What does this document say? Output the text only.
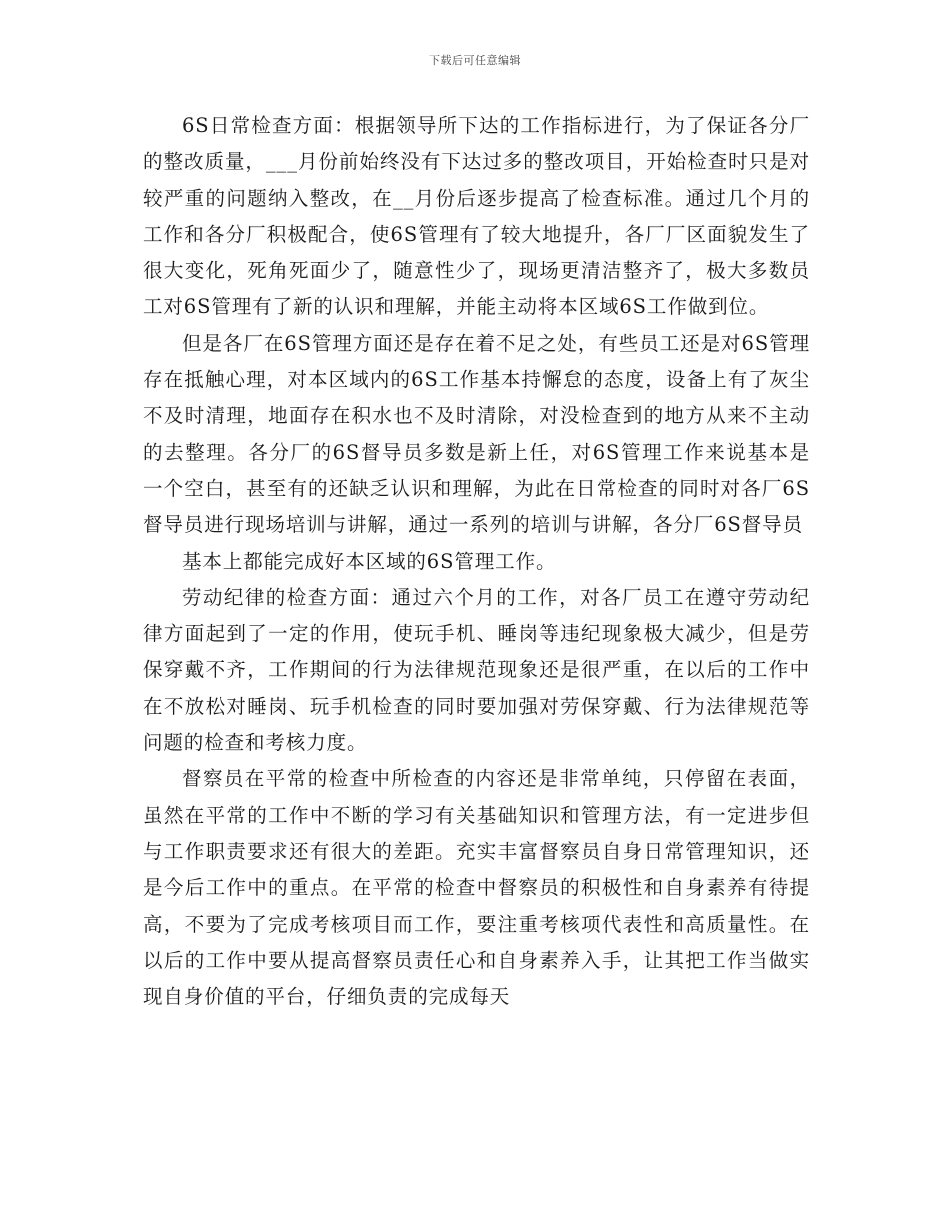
下载后可任意编辑

6S日常检查方面：根据领导所下达的工作指标进行，为了保证各分厂的整改质量，___月份前始终没有下达过多的整改项目，开始检查时只是对较严重的问题纳入整改，在__月份后逐步提高了检查标准。通过几个月的工作和各分厂积极配合，使6S管理有了较大地提升，各厂厂区面貌发生了很大变化，死角死面少了，随意性少了，现场更清洁整齐了，极大多数员工对6S管理有了新的认识和理解，并能主动将本区域6S工作做到位。

但是各厂在6S管理方面还是存在着不足之处，有些员工还是对6S管理存在抵触心理，对本区域内的6S工作基本持懈怠的态度，设备上有了灰尘不及时清理，地面存在积水也不及时清除，对没检查到的地方从来不主动的去整理。各分厂的6S督导员多数是新上任，对6S管理工作来说基本是一个空白，甚至有的还缺乏认识和理解，为此在日常检查的同时对各厂6S督导员进行现场培训与讲解，通过一系列的培训与讲解，各分厂6S督导员

基本上都能完成好本区域的6S管理工作。

劳动纪律的检查方面：通过六个月的工作，对各厂员工在遵守劳动纪律方面起到了一定的作用，使玩手机、睡岗等违纪现象极大减少，但是劳保穿戴不齐，工作期间的行为法律规范现象还是很严重，在以后的工作中在不放松对睡岗、玩手机检查的同时要加强对劳保穿戴、行为法律规范等问题的检查和考核力度。

督察员在平常的检查中所检查的内容还是非常单纯，只停留在表面，虽然在平常的工作中不断的学习有关基础知识和管理方法，有一定进步但与工作职责要求还有很大的差距。充实丰富督察员自身日常管理知识，还是今后工作中的重点。在平常的检查中督察员的积极性和自身素养有待提高，不要为了完成考核项目而工作，要注重考核项代表性和高质量性。在以后的工作中要从提高督察员责任心和自身素养入手，让其把工作当做实现自身价值的平台，仔细负责的完成每天
